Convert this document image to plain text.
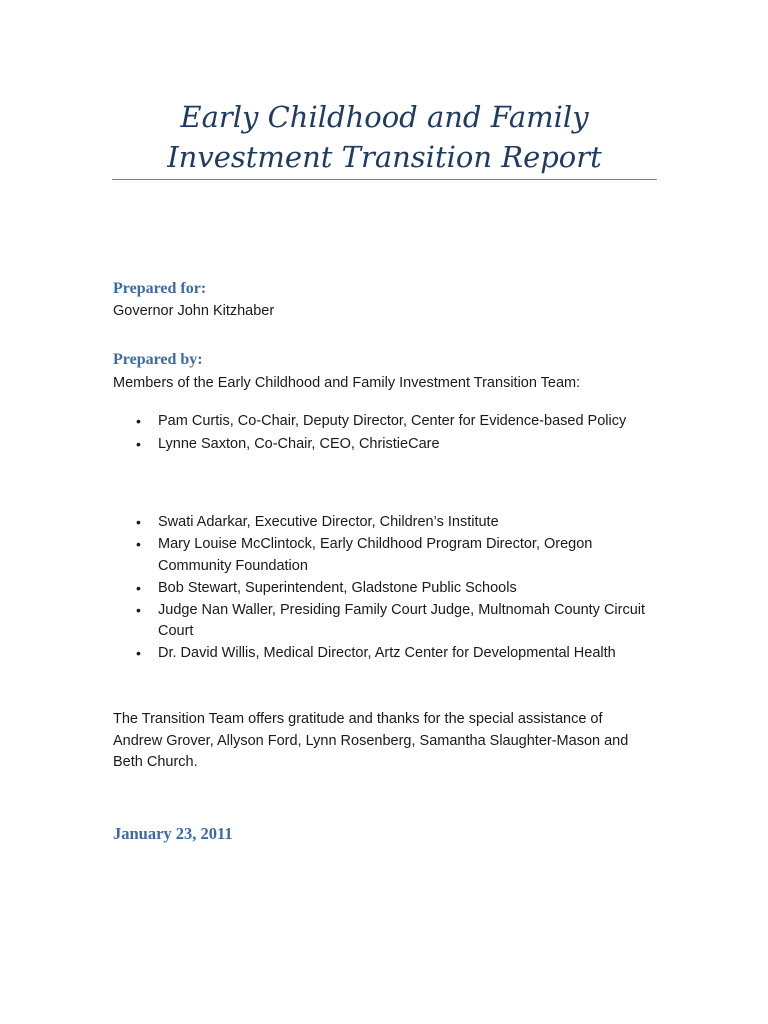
Early Childhood and Family
Investment Transition Report
Prepared for:
Governor John Kitzhaber
Prepared by:
Members of the Early Childhood and Family Investment Transition Team:
• Pam Curtis, Co-Chair, Deputy Director, Center for Evidence-based Policy
• Lynne Saxton, Co-Chair, CEO, ChristieCare
• Swati Adarkar, Executive Director, Children’s Institute
• Mary Louise McClintock, Early Childhood Program Director, Oregon Community Foundation
• Bob Stewart, Superintendent, Gladstone Public Schools
• Judge Nan Waller, Presiding Family Court Judge, Multnomah County Circuit Court
• Dr. David Willis, Medical Director, Artz Center for Developmental Health
The Transition Team offers gratitude and thanks for the special assistance of Andrew Grover, Allyson Ford, Lynn Rosenberg, Samantha Slaughter-Mason and Beth Church.
January 23, 2011
